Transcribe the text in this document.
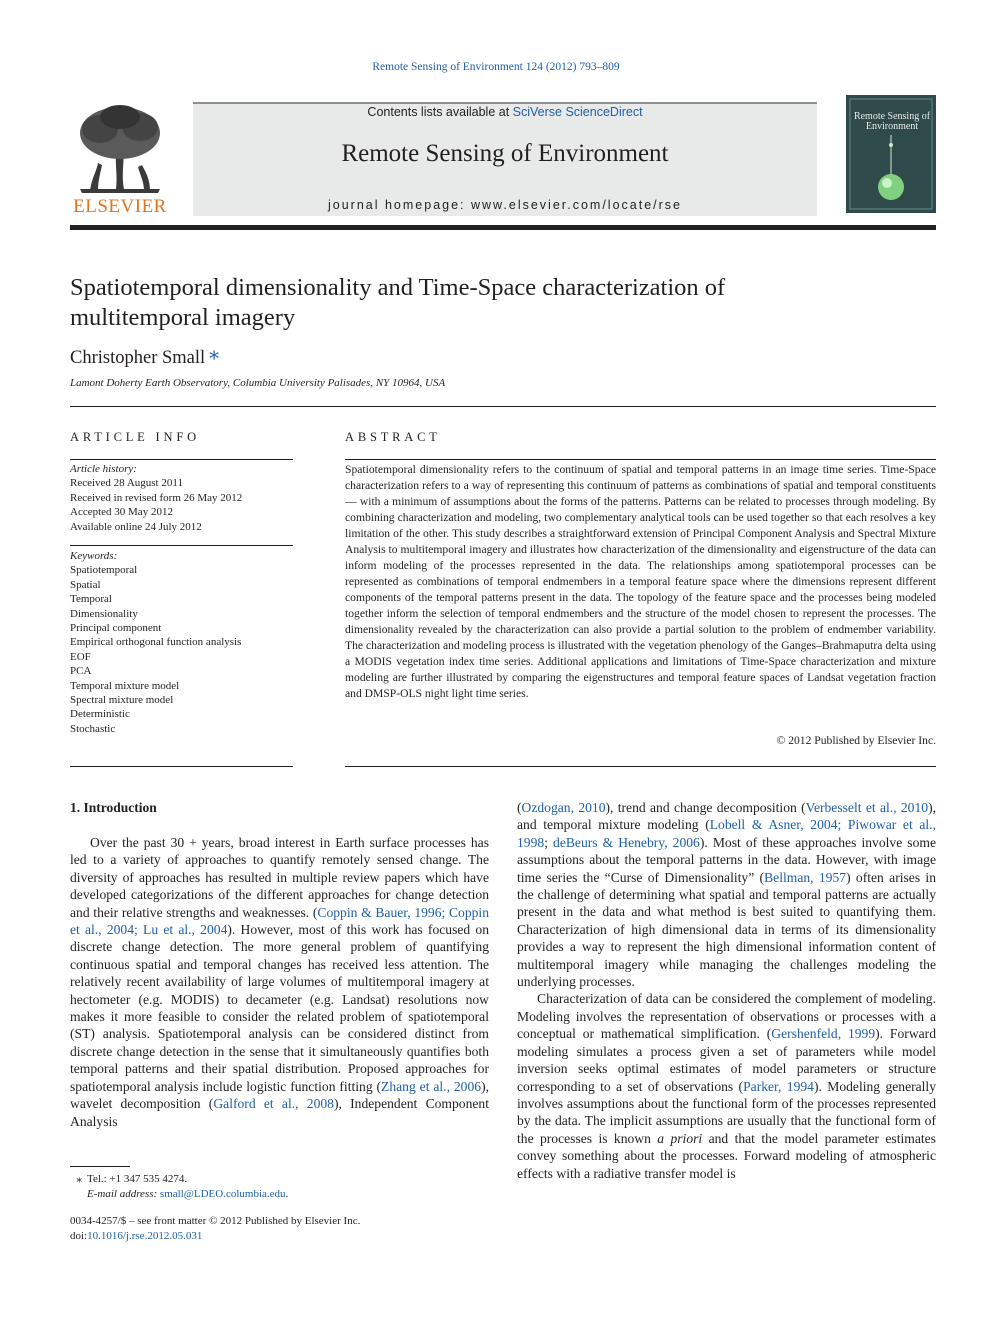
Remote Sensing of Environment 124 (2012) 793–809
ELSEVIER
Contents lists available at SciVerse ScienceDirect
Remote Sensing of Environment
journal homepage: www.elsevier.com/locate/rse
Remote Sensing of Environment
Spatiotemporal dimensionality and Time-Space characterization of
multitemporal imagery
Christopher Small ⁎
Lamont Doherty Earth Observatory, Columbia University Palisades, NY 10964, USA
ARTICLE INFO
Article history:
Received 28 August 2011
Received in revised form 26 May 2012
Accepted 30 May 2012
Available online 24 July 2012
Keywords:
Spatiotemporal
Spatial
Temporal
Dimensionality
Principal component
Empirical orthogonal function analysis
EOF
PCA
Temporal mixture model
Spectral mixture model
Deterministic
Stochastic
ABSTRACT
Spatiotemporal dimensionality refers to the continuum of spatial and temporal patterns in an image time series. Time-Space characterization refers to a way of representing this continuum of patterns as combinations of spatial and temporal constituents — with a minimum of assumptions about the forms of the patterns. Patterns can be related to processes through modeling. By combining characterization and modeling, two complementary analytical tools can be used together so that each resolves a key limitation of the other. This study describes a straightforward extension of Principal Component Analysis and Spectral Mixture Analysis to multitemporal imagery and illustrates how characterization of the dimensionality and eigenstructure of the data can inform modeling of the processes represented in the data. The relationships among spatiotemporal processes can be represented as combinations of temporal endmembers in a temporal feature space where the dimensions represent different components of the temporal patterns present in the data. The topology of the feature space and the processes being modeled together inform the selection of temporal endmembers and the structure of the model chosen to represent the processes. The dimensionality revealed by the characterization can also provide a partial solution to the problem of endmember variability. The characterization and modeling process is illustrated with the vegetation phenology of the Ganges–Brahmaputra delta using a MODIS vegetation index time series. Additional applications and limitations of Time-Space characterization and mixture modeling are further illustrated by comparing the eigenstructures and temporal feature spaces of Landsat vegetation fraction and DMSP-OLS night light time series.
© 2012 Published by Elsevier Inc.
1. Introduction

Over the past 30 + years, broad interest in Earth surface processes has led to a variety of approaches to quantify remotely sensed change. The diversity of approaches has resulted in multiple review papers which have developed categorizations of the different approaches for change detection and their relative strengths and weaknesses. (Coppin & Bauer, 1996; Coppin et al., 2004; Lu et al., 2004). However, most of this work has focused on discrete change detection. The more general problem of quantifying continuous spatial and temporal changes has received less attention. The relatively recent availability of large volumes of multitemporal imagery at hectometer (e.g. MODIS) to decameter (e.g. Landsat) resolutions now makes it more feasible to consider the related problem of spatiotemporal (ST) analysis. Spatiotemporal analysis can be considered distinct from discrete change detection in the sense that it simultaneously quantifies both temporal patterns and their spatial distribution. Proposed approaches for spatiotemporal analysis include logistic function fitting (Zhang et al., 2006), wavelet decomposition (Galford et al., 2008), Independent Component Analysis

(Ozdogan, 2010), trend and change decomposition (Verbesselt et al., 2010), and temporal mixture modeling (Lobell & Asner, 2004; Piwowar et al., 1998; deBeurs & Henebry, 2006). Most of these approaches involve some assumptions about the temporal patterns in the data. However, with image time series the “Curse of Dimensionality” (Bellman, 1957) often arises in the challenge of determining what spatial and temporal patterns are actually present in the data and what method is best suited to quantifying them. Characterization of high dimensional data in terms of its dimensionality provides a way to represent the high dimensional information content of multitemporal imagery while managing the challenges modeling the underlying processes.

Characterization of data can be considered the complement of modeling. Modeling involves the representation of observations or processes with a conceptual or mathematical simplification. (Gershenfeld, 1999). Forward modeling simulates a process given a set of parameters while model inversion seeks optimal estimates of model parameters or structure corresponding to a set of observations (Parker, 1994). Modeling generally involves assumptions about the functional form of the processes represented by the data. The implicit assumptions are usually that the functional form of the processes is known a priori and that the model parameter estimates convey something about the processes. Forward modeling of atmospheric effects with a radiative transfer model is

⁎ Tel.: +1 347 535 4274.
E-mail address: small@LDEO.columbia.edu.
0034-4257/$ – see front matter © 2012 Published by Elsevier Inc.
doi:10.1016/j.rse.2012.05.031
